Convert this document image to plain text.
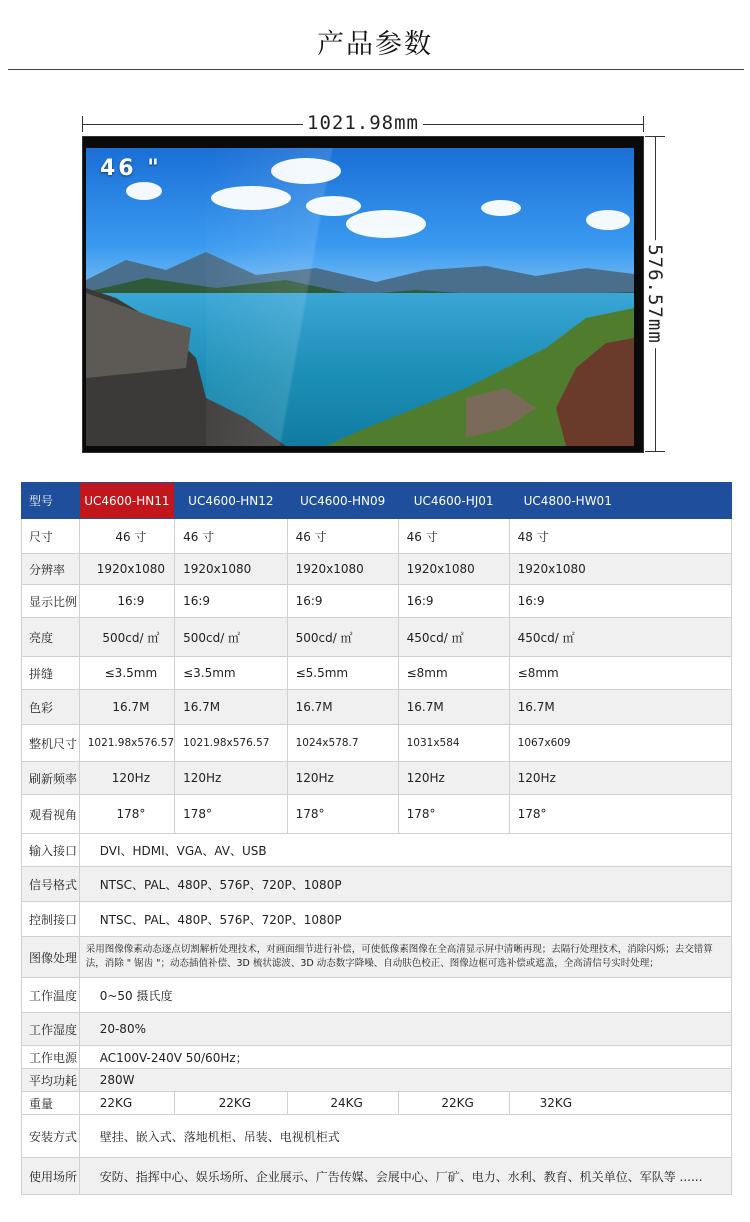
产品参数
1021.98mm
46 "
576.57mm
型号	UC4600-HN11	UC4600-HN12	UC4600-HN09	UC4600-HJ01	UC4800-HW01
尺寸	46 寸	46 寸	46 寸	46 寸	48 寸
分辨率	1920x1080	1920x1080	1920x1080	1920x1080	1920x1080
显示比例	16:9	16:9	16:9	16:9	16:9
亮度	500cd/ ㎡	500cd/ ㎡	500cd/ ㎡	450cd/ ㎡	450cd/ ㎡
拼缝	≤3.5mm	≤3.5mm	≤5.5mm	≤8mm	≤8mm
色彩	16.7M	16.7M	16.7M	16.7M	16.7M
整机尺寸	1021.98x576.57	1021.98x576.57	1024x578.7	1031x584	1067x609
刷新频率	120Hz	120Hz	120Hz	120Hz	120Hz
观看视角	178°	178°	178°	178°	178°
输入接口	DVI、HDMI、VGA、AV、USB				
信号格式	NTSC、PAL、480P、576P、720P、1080P				
控制接口	NTSC、PAL、480P、576P、720P、1080P				
图像处理	采用图像像素动态逐点切割解析处理技术，对画面细节进行补偿，可使低像素图像在全高清显示屏中清晰再现；去隔行处理技术，消除闪烁；去交错算法，消除 " 锯齿 "；动态插值补偿、3D 梳状滤波、3D 动态数字降噪、自动肤色校正、图像边框可选补偿或遮盖，全高清信号实时处理；				
工作温度	0~50 摄氏度				
工作湿度	20-80%				
工作电源	AC100V-240V 50/60Hz；				
平均功耗	280W				
重量	22KG	22KG	24KG	22KG	32KG
安装方式	壁挂、嵌入式、落地机柜、吊装、电视机柜式				
使用场所	安防、指挥中心、娱乐场所、企业展示、广告传媒、会展中心、厂矿、电力、水利、教育、机关单位、军队等 ......				
